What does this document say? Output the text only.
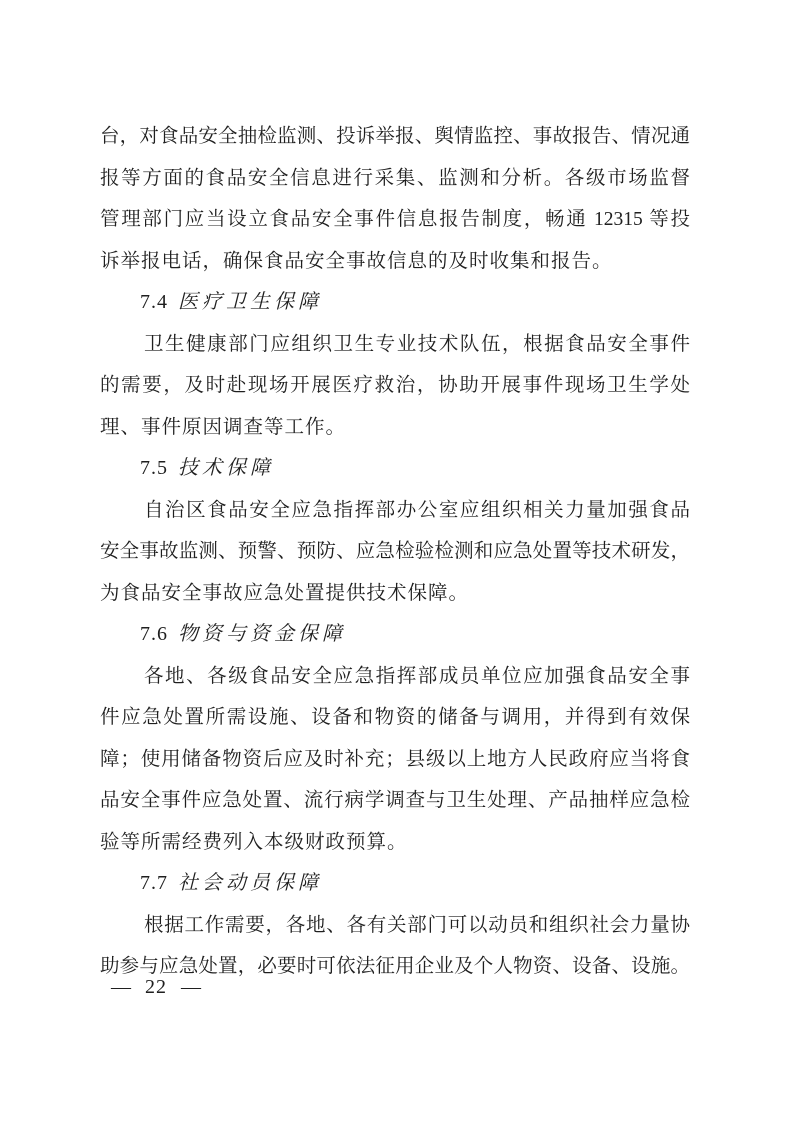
台，对食品安全抽检监测、投诉举报、舆情监控、事故报告、情况通
报等方面的食品安全信息进行采集、监测和分析。各级市场监督
管理部门应当设立食品安全事件信息报告制度，畅通 12315 等投
诉举报电话，确保食品安全事故信息的及时收集和报告。
7.4 医疗卫生保障
卫生健康部门应组织卫生专业技术队伍，根据食品安全事件
的需要，及时赴现场开展医疗救治，协助开展事件现场卫生学处
理、事件原因调查等工作。
7.5 技术保障
自治区食品安全应急指挥部办公室应组织相关力量加强食品
安全事故监测、预警、预防、应急检验检测和应急处置等技术研发，
为食品安全事故应急处置提供技术保障。
7.6 物资与资金保障
各地、各级食品安全应急指挥部成员单位应加强食品安全事
件应急处置所需设施、设备和物资的储备与调用，并得到有效保
障；使用储备物资后应及时补充；县级以上地方人民政府应当将食
品安全事件应急处置、流行病学调查与卫生处理、产品抽样应急检
验等所需经费列入本级财政预算。
7.7 社会动员保障
根据工作需要，各地、各有关部门可以动员和组织社会力量协
助参与应急处置，必要时可依法征用企业及个人物资、设备、设施。
— 22 —
